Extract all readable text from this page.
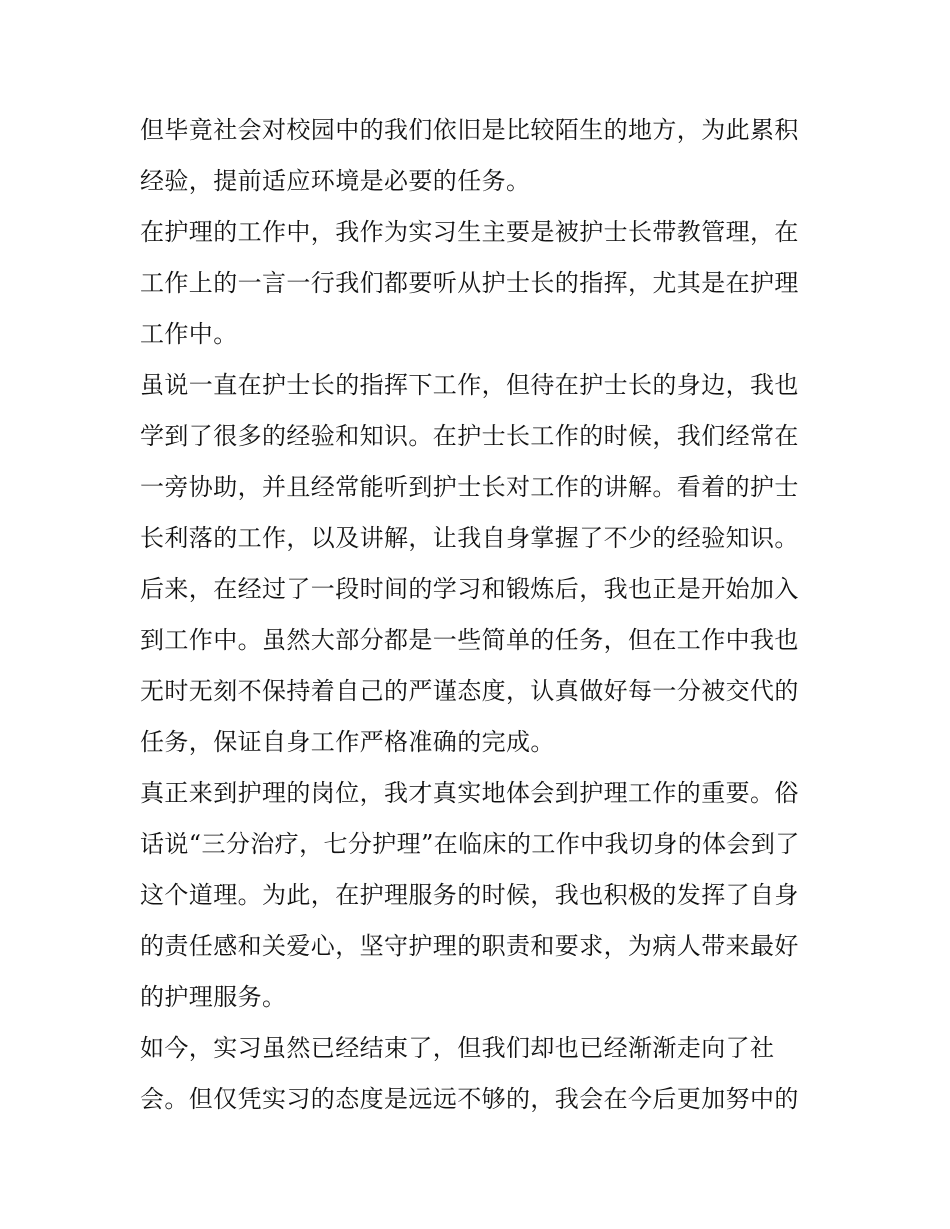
但毕竟社会对校园中的我们依旧是比较陌生的地方，为此累积
经验，提前适应环境是必要的任务。
在护理的工作中，我作为实习生主要是被护士长带教管理，在
工作上的一言一行我们都要听从护士长的指挥，尤其是在护理
工作中。
虽说一直在护士长的指挥下工作，但待在护士长的身边，我也
学到了很多的经验和知识。在护士长工作的时候，我们经常在
一旁协助，并且经常能听到护士长对工作的讲解。看着的护士
长利落的工作，以及讲解，让我自身掌握了不少的经验知识。
后来，在经过了一段时间的学习和锻炼后，我也正是开始加入
到工作中。虽然大部分都是一些简单的任务，但在工作中我也
无时无刻不保持着自己的严谨态度，认真做好每一分被交代的
任务，保证自身工作严格准确的完成。
真正来到护理的岗位，我才真实地体会到护理工作的重要。俗
话说“三分治疗，七分护理”在临床的工作中我切身的体会到了
这个道理。为此，在护理服务的时候，我也积极的发挥了自身
的责任感和关爱心，坚守护理的职责和要求，为病人带来最好
的护理服务。
如今，实习虽然已经结束了，但我们却也已经渐渐走向了社
会。但仅凭实习的态度是远远不够的，我会在今后更加努中的
